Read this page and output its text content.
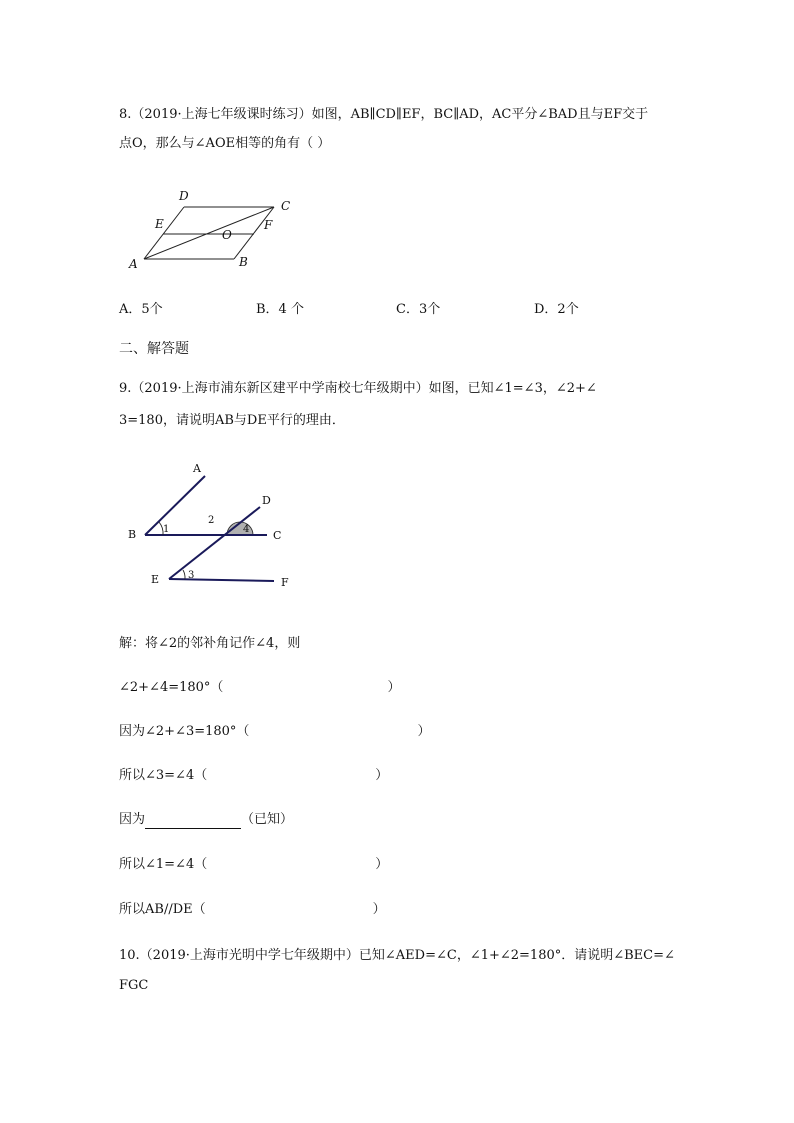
8.（2019·上海七年级课时练习）如图，AB∥CD∥EF，BC∥AD，AC平分∠BAD且与EF交于
点O，那么与∠AOE相等的角有（ ）
A	B
C
D
E	F
O
A．5个	B．4 个	C．3个	D．2个
二、解答题
9.（2019·上海市浦东新区建平中学南校七年级期中）如图，已知∠1=∠3，∠2+∠
3=180，请说明AB与DE平行的理由．
A
B	C
D
E	F
1
2
3
4
解：将∠2的邻补角记作∠4，则
∠2+∠4=180°（	）
因为∠2+∠3=180°（	）
所以∠3=∠4（	）
因为	（已知）
所以∠1=∠4（	）
所以AB//DE（	）
10.（2019·上海市光明中学七年级期中）已知∠AED=∠C，∠1+∠2=180°．请说明∠BEC=∠
FGC
